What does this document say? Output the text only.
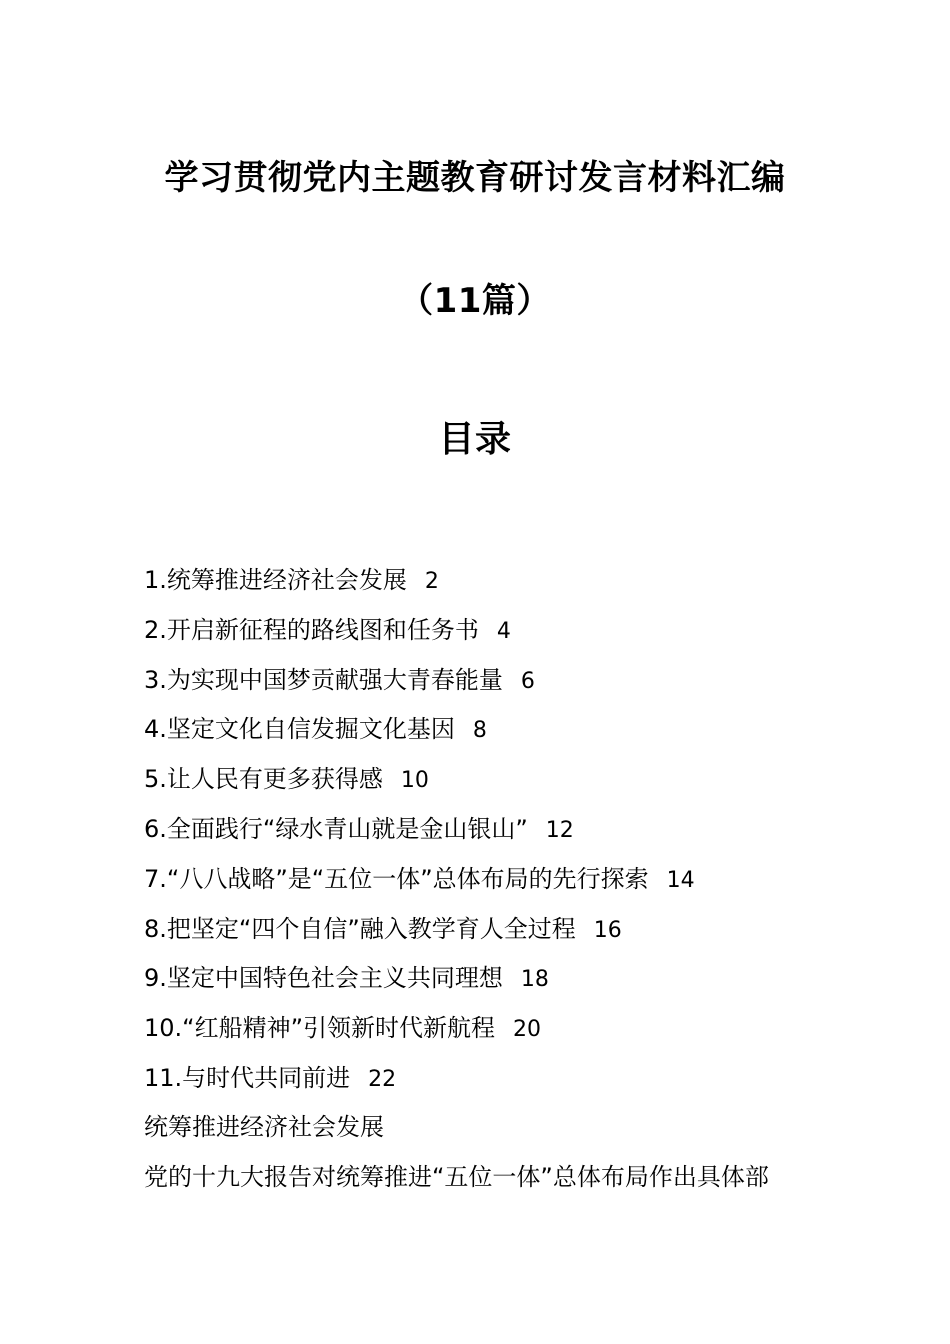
学习贯彻党内主题教育研讨发言材料汇编
（11篇）
目录
1.统筹推进经济社会发展 2
2.开启新征程的路线图和任务书 4
3.为实现中国梦贡献强大青春能量 6
4.坚定文化自信发掘文化基因 8
5.让人民有更多获得感 10
6.全面践行“绿水青山就是金山银山” 12
7.“八八战略”是“五位一体”总体布局的先行探索 14
8.把坚定“四个自信”融入教学育人全过程 16
9.坚定中国特色社会主义共同理想 18
10.“红船精神”引领新时代新航程 20
11.与时代共同前进 22
统筹推进经济社会发展
党的十九大报告对统筹推进“五位一体”总体布局作出具体部
